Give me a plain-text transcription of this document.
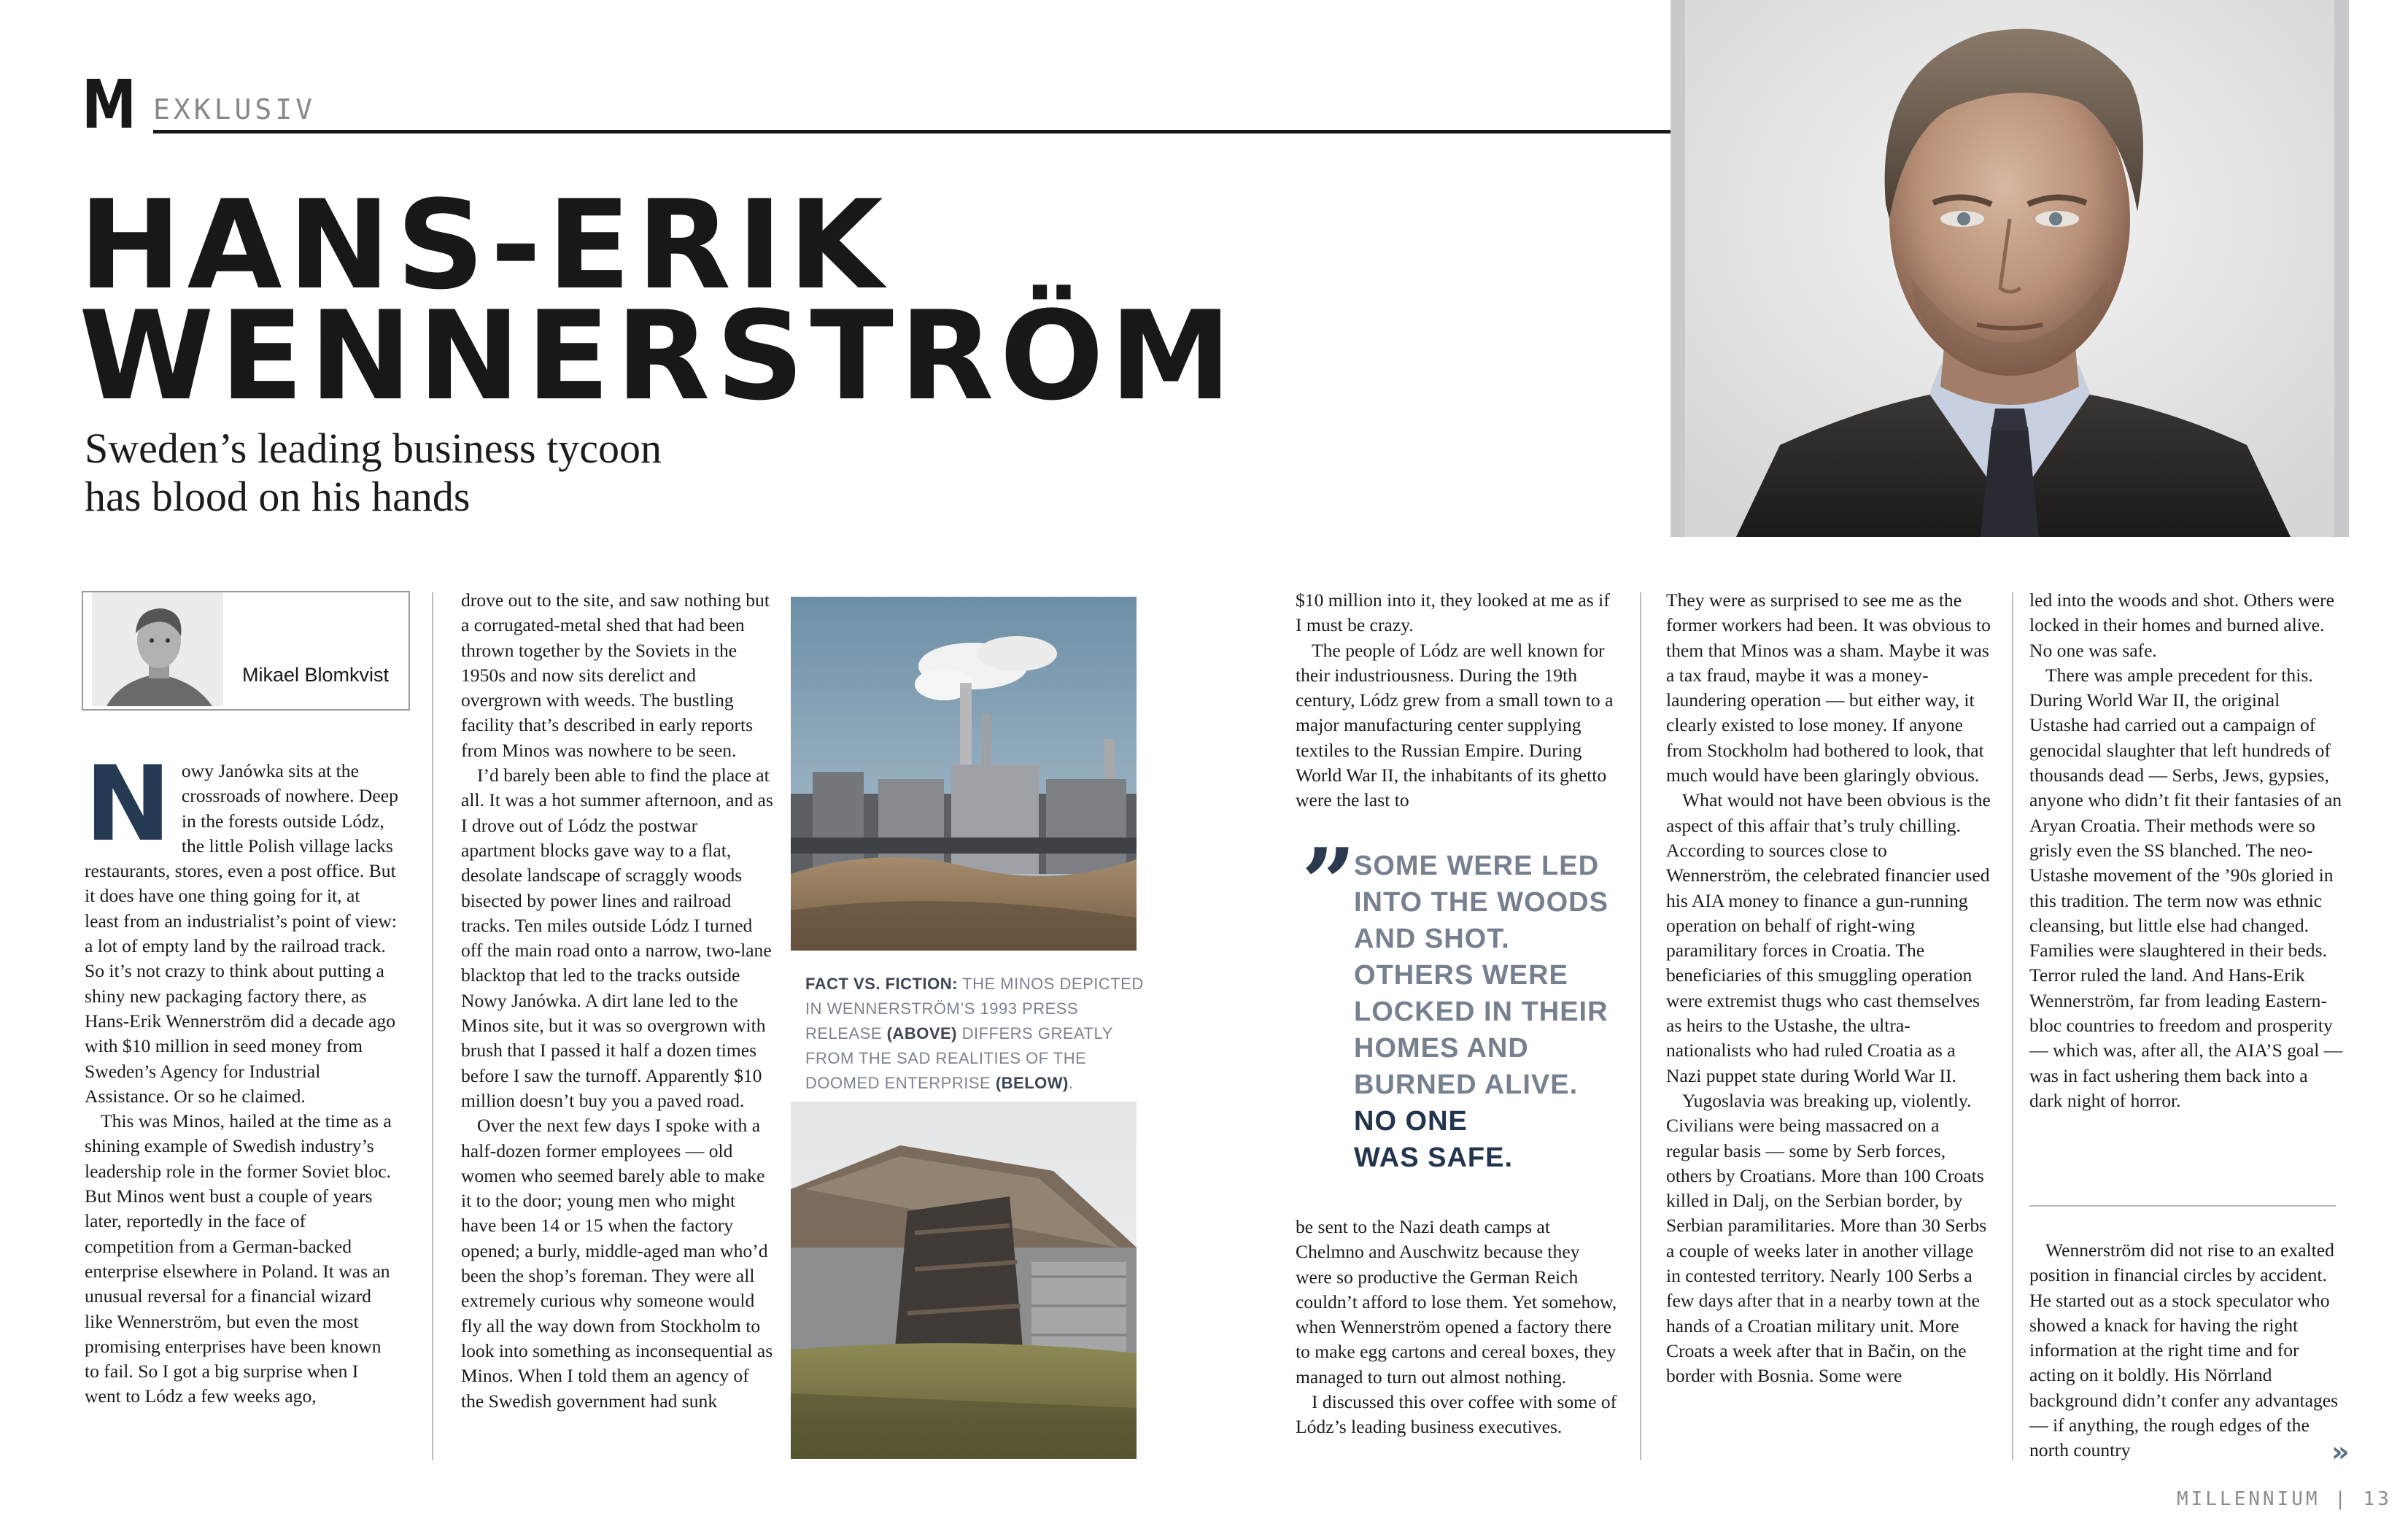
M EXKLUSIV
HANS-ERIK
WENNERSTRÖM
Sweden’s leading business tycoon
has blood on his hands
Mikael Blomkvist

Nowy Janówka sits at the crossroads of nowhere. Deep in the forests outside Lódz, the little Polish village lacks restaurants, stores, even a post office. But it does have one thing going for it, at least from an industrialist’s point of view: a lot of empty land by the railroad track. So it’s not crazy to think about putting a shiny new packaging factory there, as Hans-Erik Wennerström did a decade ago with $10 million in seed money from Sweden’s Agency for Industrial Assistance. Or so he claimed.

This was Minos, hailed at the time as a shining example of Swedish industry’s leadership role in the former Soviet bloc. But Minos went bust a couple of years later, reportedly in the face of competition from a German-backed enterprise elsewhere in Poland. It was an unusual reversal for a financial wizard like Wennerström, but even the most promising enterprises have been known to fail. So I got a big surprise when I went to Lódz a few weeks ago,

drove out to the site, and saw nothing but a corrugated-metal shed that had been thrown together by the Soviets in the 1950s and now sits derelict and overgrown with weeds. The bustling facility that’s described in early reports from Minos was nowhere to be seen.

I’d barely been able to find the place at all. It was a hot summer afternoon, and as I drove out of Lódz the postwar apartment blocks gave way to a flat, desolate landscape of scraggly woods bisected by power lines and railroad tracks. Ten miles outside Lódz I turned off the main road onto a narrow, two-lane blacktop that led to the tracks outside Nowy Janówka. A dirt lane led to the Minos site, but it was so overgrown with brush that I passed it half a dozen times before I saw the turnoff. Apparently $10 million doesn’t buy you a paved road.

Over the next few days I spoke with a half-dozen former employees — old women who seemed barely able to make it to the door; young men who might have been 14 or 15 when the factory opened; a burly, middle-aged man who’d been the shop’s foreman. They were all extremely curious why someone would fly all the way down from Stockholm to look into something as inconsequential as Minos. When I told them an agency of the Swedish government had sunk

FACT VS. FICTION: THE MINOS DEPICTED IN WENNERSTRÖM’S 1993 PRESS RELEASE (ABOVE) DIFFERS GREATLY FROM THE SAD REALITIES OF THE DOOMED ENTERPRISE (BELOW).

$10 million into it, they looked at me as if I must be crazy.

The people of Lódz are well known for their industriousness. During the 19th century, Lódz grew from a small town to a major manufacturing center supplying textiles to the Russian Empire. During World War II, the inhabitants of its ghetto were the last to

”
SOME WERE LED INTO THE WOODS AND SHOT. OTHERS WERE LOCKED IN THEIR HOMES AND BURNED ALIVE.
NO ONE
WAS SAFE.

be sent to the Nazi death camps at Chelmno and Auschwitz because they were so productive the German Reich couldn’t afford to lose them. Yet somehow, when Wennerström opened a factory there to make egg cartons and cereal boxes, they managed to turn out almost nothing.

I discussed this over coffee with some of Lódz’s leading business executives.

They were as surprised to see me as the former workers had been. It was obvious to them that Minos was a sham. Maybe it was a tax fraud, maybe it was a money-laundering operation — but either way, it clearly existed to lose money. If anyone from Stockholm had bothered to look, that much would have been glaringly obvious.

What would not have been obvious is the aspect of this affair that’s truly chilling. According to sources close to Wennerström, the celebrated financier used his AIA money to finance a gun-running operation on behalf of right-wing paramilitary forces in Croatia. The beneficiaries of this smuggling operation were extremist thugs who cast themselves as heirs to the Ustashe, the ultra-nationalists who had ruled Croatia as a Nazi puppet state during World War II.

Yugoslavia was breaking up, violently. Civilians were being massacred on a regular basis — some by Serb forces, others by Croatians. More than 100 Croats killed in Dalj, on the Serbian border, by Serbian paramilitaries. More than 30 Serbs a couple of weeks later in another village in contested territory. Nearly 100 Serbs a few days after that in a nearby town at the hands of a Croatian military unit. More Croats a week after that in Bačin, on the border with Bosnia. Some were

led into the woods and shot. Others were locked in their homes and burned alive. No one was safe.

There was ample precedent for this. During World War II, the original Ustashe had carried out a campaign of genocidal slaughter that left hundreds of thousands dead — Serbs, Jews, gypsies, anyone who didn’t fit their fantasies of an Aryan Croatia. Their methods were so grisly even the SS blanched. The neo-Ustashe movement of the ’90s gloried in this tradition. The term now was ethnic cleansing, but little else had changed. Families were slaughtered in their beds. Terror ruled the land. And Hans-Erik Wennerström, far from leading Eastern-bloc countries to freedom and prosperity — which was, after all, the AIA’S goal — was in fact ushering them back into a dark night of horror.

Wennerström did not rise to an exalted position in financial circles by accident. He started out as a stock speculator who showed a knack for having the right information at the right time and for acting on it boldly. His Nörrland background didn’t confer any advantages — if anything, the rough edges of the north country	»
MILLENNIUM | 13
